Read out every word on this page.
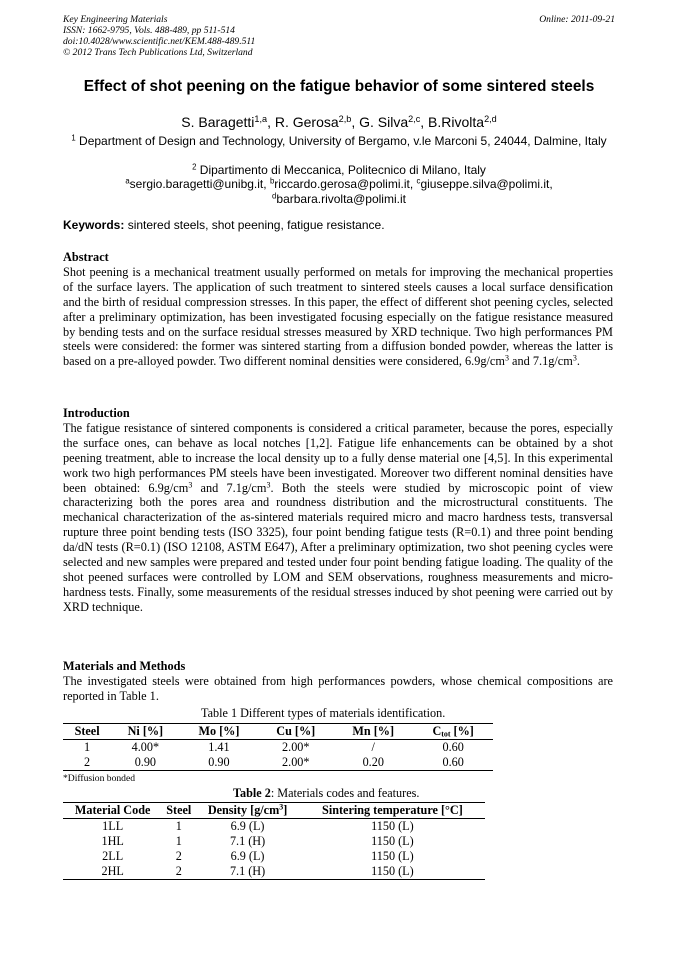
Key Engineering Materials
ISSN: 1662-9795, Vols. 488-489, pp 511-514
doi:10.4028/www.scientific.net/KEM.488-489.511
© 2012 Trans Tech Publications Ltd, Switzerland
Online: 2011-09-21
Effect of shot peening on the fatigue behavior of some sintered steels
S. Baragetti$^{1,a}$, R. Gerosa$^{2,b}$, G. Silva$^{2,c}$, B.Rivolta$^{2,d}$
$^1$ Department of Design and Technology, University of Bergamo, v.le Marconi 5, 24044, Dalmine, Italy
$^2$ Dipartimento di Meccanica, Politecnico di Milano, Italy
$^a$sergio.baragetti@unibg.it, $^b$riccardo.gerosa@polimi.it, $^c$giuseppe.silva@polimi.it,
$^d$barbara.rivolta@polimi.it
Keywords: sintered steels, shot peening, fatigue resistance.
Abstract

Shot peening is a mechanical treatment usually performed on metals for improving the mechanical properties of the surface layers. The application of such treatment to sintered steels causes a local surface densification and the birth of residual compression stresses. In this paper, the effect of different shot peening cycles, selected after a preliminary optimization, has been investigated focusing especially on the fatigue resistance measured by bending tests and on the surface residual stresses measured by XRD technique. Two high performances PM steels were considered: the former was sintered starting from a diffusion bonded powder, whereas the latter is based on a pre-alloyed powder. Two different nominal densities were considered, $6.9g/cm^3$ and $7.1g/cm^3$.

Introduction

The fatigue resistance of sintered components is considered a critical parameter, because the pores, especially the surface ones, can behave as local notches [1,2]. Fatigue life enhancements can be obtained by a shot peening treatment, able to increase the local density up to a fully dense material one [4,5]. In this experimental work two high performances PM steels have been investigated. Moreover two different nominal densities have been obtained: $6.9g/cm^3$ and $7.1g/cm^3$. Both the steels were studied by microscopic point of view characterizing both the pores area and roundness distribution and the microstructural constituents. The mechanical characterization of the as-sintered materials required micro and macro hardness tests, transversal rupture three point bending tests (ISO 3325), four point bending fatigue tests (R=0.1) and three point bending da/dN tests (R=0.1) (ISO 12108, ASTM E647), After a preliminary optimization, two shot peening cycles were selected and new samples were prepared and tested under four point bending fatigue loading. The quality of the shot peened surfaces were controlled by LOM and SEM observations, roughness measurements and micro-hardness tests. Finally, some measurements of the residual stresses induced by shot peening were carried out by XRD technique.

Materials and Methods

The investigated steels were obtained from high performances powders, whose chemical compositions are reported in Table 1.

Table 1 Different types of materials identification.
Steel	Ni [%]	Mo [%]	Cu [%]	Mn [%]	$C_{tot}$ [%]
1	4.00*	1.41	2.00*	/	0.60
2	0.90	0.90	2.00*	0.20	0.60
*Diffusion bonded
Table 2: Materials codes and features.
Material Code	Steel	Density $[g/cm^3]$	Sintering temperature [°C]
1LL	1	6.9 (L)	1150 (L)
1HL	1	7.1 (H)	1150 (L)
2LL	2	6.9 (L)	1150 (L)
2HL	2	7.1 (H)	1150 (L)
